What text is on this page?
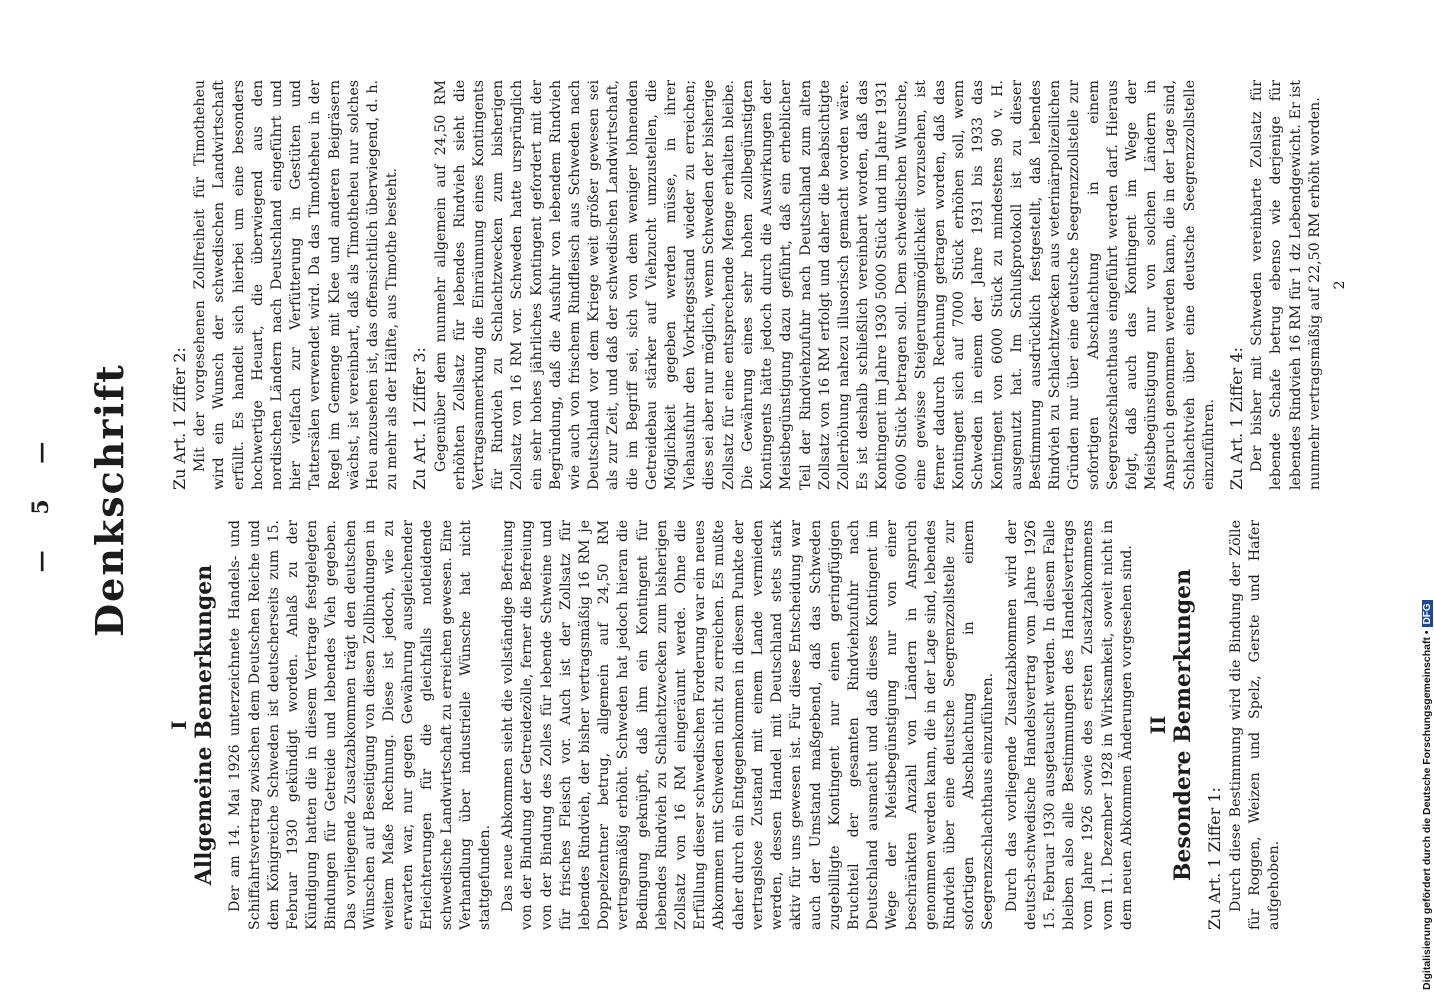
— 5 — Denkschrift
I Allgemeine Bemerkungen Der am 14. Mai 1926 unterzeichnete Handels- und Schiffahrtsvertrag zwischen dem Deutschen Reiche und dem Königreiche Schweden ist deutscherseits zum 15. Februar 1930 gekündigt worden. Anlaß zu der Kündigung hatten die in diesem Vertrage festgelegten Bindungen für Getreide und lebendes Vieh gegeben. Das vorliegende Zusatzabkommen trägt den deutschen Wünschen auf Beseitigung von diesen Zollbindungen in weitem Maße Rechnung. Diese ist jedoch, wie zu erwarten war, nur gegen Gewährung ausgleichender Erleichterungen für die gleichfalls notleidende schwedische Landwirtschaft zu erreichen gewesen. Eine Verhandlung über industrielle Wünsche hat nicht stattgefunden. Das neue Abkommen sieht die vollständige Befreiung von der Bindung der Getreidezölle, ferner die Befreiung von der Bindung des Zolles für lebende Schweine und für frisches Fleisch vor. Auch ist der Zollsatz für lebendes Rindvieh, der bisher vertragsmäßig 16 RM je Doppelzentner betrug, allgemein auf 24,50 RM vertragsmäßig erhöht. Schweden hat jedoch hieran die Bedingung geknüpft, daß ihm ein Kontingent für lebendes Rindvieh zu Schlachtzwecken zum bisherigen Zollsatz von 16 RM eingeräumt werde. Ohne die Erfüllung dieser schwedischen Forderung war ein neues Abkommen mit Schweden nicht zu erreichen. Es mußte daher durch ein Entgegenkommen in diesem Punkte der vertragslose Zustand mit einem Lande vermieden werden, dessen Handel mit Deutschland stets stark aktiv für uns gewesen ist. Für diese Entscheidung war auch der Umstand maßgebend, daß das Schweden zugebilligte Kontingent nur einen geringfügigen Bruchteil der gesamten Rindviehzufuhr nach Deutschland ausmacht und daß dieses Kontingent im Wege der Meistbegünstigung nur von einer beschränkten Anzahl von Ländern in Anspruch genommen werden kann, die in der Lage sind, lebendes Rindvieh über eine deutsche Seegrenzzollstelle zur sofortigen Abschlachtung in einem Seegrenzschlachthaus einzuführen. Durch das vorliegende Zusatzabkommen wird der deutsch-schwedische Handelsvertrag vom Jahre 1926 15. Februar 1930 ausgetauscht werden. In diesem Falle bleiben also alle Bestimmungen des Handelsvertrags vom Jahre 1926 sowie des ersten Zusatzabkommens vom 11. Dezember 1928 in Wirksamkeit, soweit nicht in dem neuen Abkommen Änderungen vorgesehen sind. II Besondere Bemerkungen Zu Art. 1 Ziffer 1: Durch diese Bestimmung wird die Bindung der Zölle für Roggen, Weizen und Spelz, Gerste und Hafer aufgehoben.

Zu Art. 1 Ziffer 2: Mit der vorgesehenen Zollfreiheit für Timotheheu wird ein Wunsch der schwedischen Landwirtschaft erfüllt. Es handelt sich hierbei um eine besonders hochwertige Heuart, die überwiegend aus den nordischen Ländern nach Deutschland eingeführt und hier vielfach zur Verfütterung in Gestüten und Tattersälen verwendet wird. Da das Timotheheu in der Regel im Gemenge mit Klee und anderen Beigräsern wächst, ist vereinbart, daß als Timotheheu nur solches Heu anzusehen ist, das offensichtlich überwiegend, d. h. zu mehr als der Hälfte, aus Timothe besteht. Zu Art. 1 Ziffer 3: Gegenüber dem nunmehr allgemein auf 24,50 RM erhöhten Zollsatz für lebendes Rindvieh sieht die Vertragsanmerkung die Einräumung eines Kontingents für Rindvieh zu Schlachtzwecken zum bisherigen Zollsatz von 16 RM vor. Schweden hatte ursprünglich ein sehr hohes jährliches Kontingent gefordert mit der Begründung, daß die Ausfuhr von lebendem Rindvieh wie auch von frischem Rindfleisch aus Schweden nach Deutschland vor dem Kriege weit größer gewesen sei als zur Zeit, und daß der schwedischen Landwirtschaft, die im Begriff sei, sich von dem weniger lohnenden Getreidebau stärker auf Viehzucht umzustellen, die Möglichkeit gegeben werden müsse, in ihrer Viehausfuhr den Vorkriegsstand wieder zu erreichen; dies sei aber nur möglich, wenn Schweden der bisherige Zollsatz für eine entsprechende Menge erhalten bleibe. Die Gewährung eines sehr hohen zollbegünstigten Kontingents hätte jedoch durch die Auswirkungen der Meistbegünstigung dazu geführt, daß ein erheblicher Teil der Rindviehzufuhr nach Deutschland zum alten Zollsatz von 16 RM erfolgt und daher die beabsichtigte Zollerhöhung nahezu illusorisch gemacht worden wäre. Es ist deshalb schließlich vereinbart worden, daß das Kontingent im Jahre 1930 5000 Stück und im Jahre 1931 6000 Stück betragen soll. Dem schwedischen Wunsche, eine gewisse Steigerungsmöglichkeit vorzusehen, ist ferner dadurch Rechnung getragen worden, daß das Kontingent sich auf 7000 Stück erhöhen soll, wenn Schweden in einem der Jahre 1931 bis 1933 das Kontingent von 6000 Stück zu mindestens 90 v. H. ausgenutzt hat. Im Schlußprotokoll ist zu dieser Bestimmung ausdrücklich festgestellt, daß lebendes Rindvieh zu Schlachtzwecken aus veterinärpolizeilichen Gründen nur über eine deutsche Seegrenzzollstelle zur sofortigen Abschlachtung in einem Seegrenzschlachthaus eingeführt werden darf. Hieraus folgt, daß auch das Kontingent im Wege der Meistbegünstigung nur von solchen Ländern in Anspruch genommen werden kann, die in der Lage sind, Schlachtvieh über eine deutsche Seegrenzzollstelle einzuführen. Zu Art. 1 Ziffer 4: Der bisher mit Schweden vereinbarte Zollsatz für lebende Schafe betrug ebenso wie derjenige für lebendes Rindvieh 16 RM für 1 dz Lebendgewicht. Er ist nunmehr vertragsmäßig auf 22,50 RM erhöht worden. 2
Digitalisierung gefördert durch die Deutsche Forschungsgemeinschaft •
DFG
